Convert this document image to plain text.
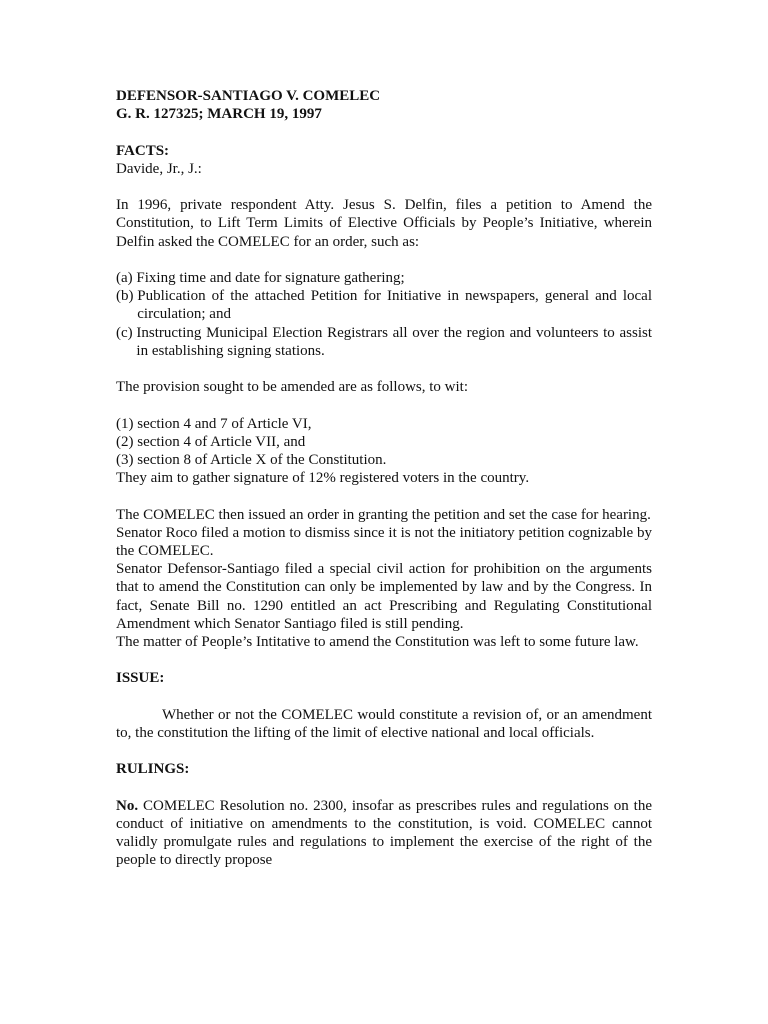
DEFENSOR-SANTIAGO V. COMELEC
G. R. 127325; MARCH 19, 1997
FACTS:
Davide, Jr., J.:
In 1996, private respondent Atty. Jesus S. Delfin, files a petition to Amend the Constitution, to Lift Term Limits of Elective Officials by People’s Initiative, wherein Delfin asked the COMELEC for an order, such as:
(a) Fixing time and date for signature gathering;
(b) Publication of the attached Petition for Initiative in newspapers, general and local circulation; and
(c) Instructing Municipal Election Registrars all over the region and volunteers to assist in establishing signing stations.
The provision sought to be amended are as follows, to wit:
(1) section 4 and 7 of Article VI,
(2) section 4 of Article VII, and
(3) section 8 of Article X of the Constitution.
They aim to gather signature of 12% registered voters in the country.
The COMELEC then issued an order in granting the petition and set the case for hearing.
Senator Roco filed a motion to dismiss since it is not the initiatory petition cognizable by the COMELEC.
Senator Defensor-Santiago filed a special civil action for prohibition on the arguments that to amend the Constitution can only be implemented by law and by the Congress. In fact, Senate Bill no. 1290 entitled an act Prescribing and Regulating Constitutional Amendment which Senator Santiago filed is still pending.
The matter of People’s Intitative to amend the Constitution was left to some future law.
ISSUE:
Whether or not the COMELEC would constitute a revision of, or an amendment to, the constitution the lifting of the limit of elective national and local officials.
RULINGS:
No. COMELEC Resolution no. 2300, insofar as prescribes rules and regulations on the conduct of initiative on amendments to the constitution, is void. COMELEC cannot validly promulgate rules and regulations to implement the exercise of the right of the people to directly propose
